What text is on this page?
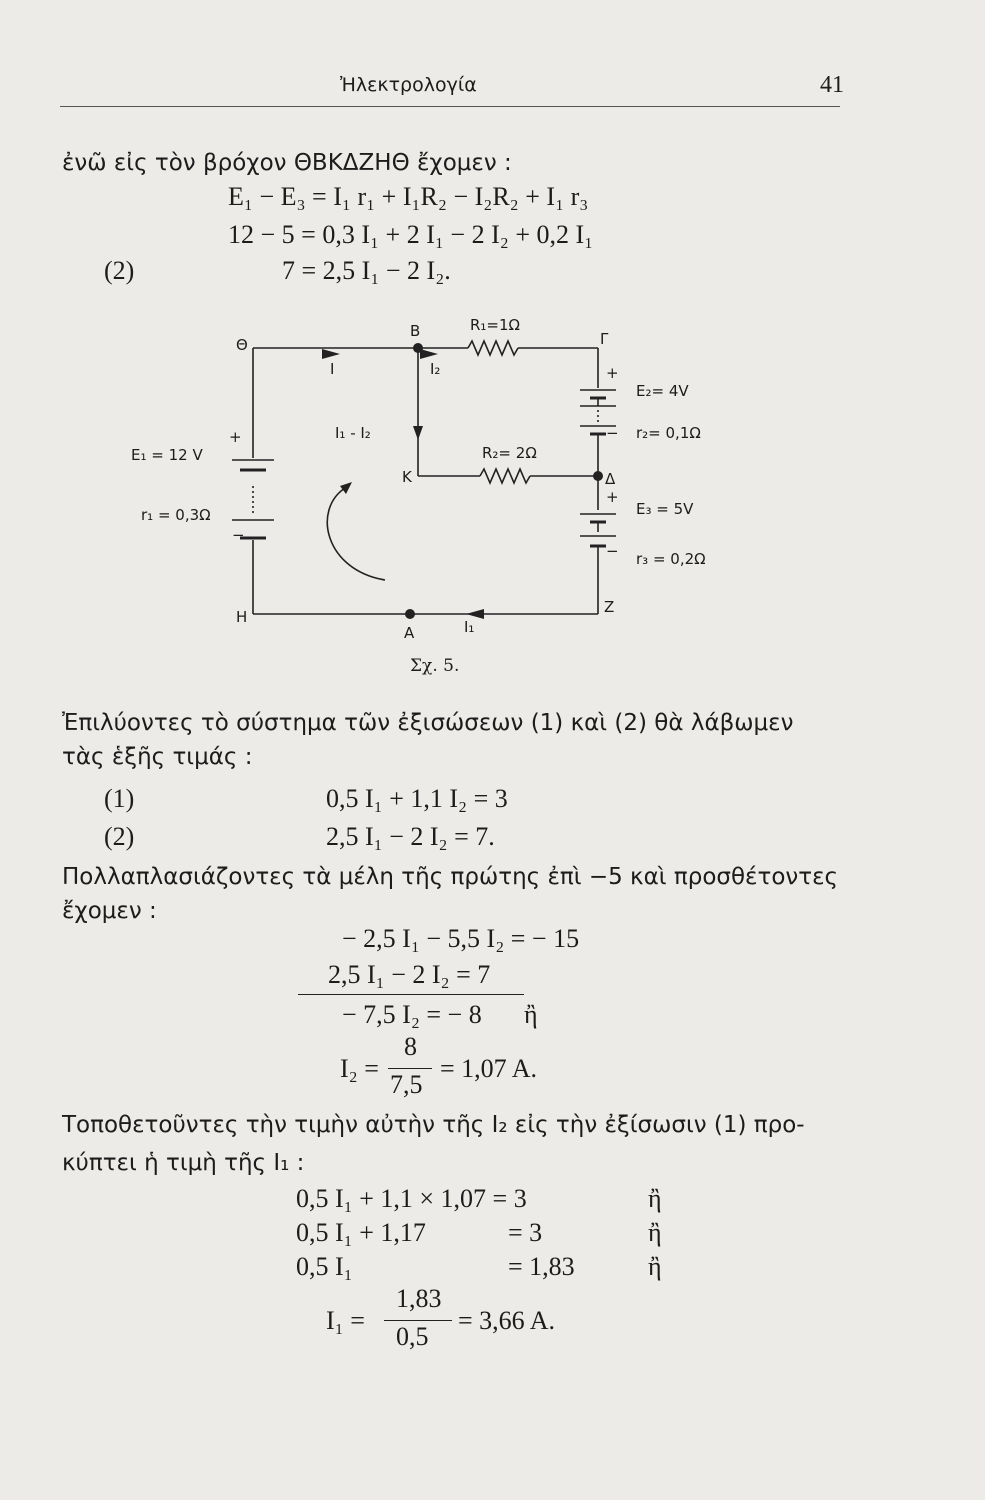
Ἠλεκτρολογία	41
ἐνῶ εἰς τὸν βρόχον ΘΒΚΔΖΗΘ ἔχομεν :
E₁ − E₃ = I₁ r₁ + I₁R₂ − I₂R₂ + I₁ r₃
12 − 5 = 0,3 I₁ + 2 I₁ − 2 I₂ + 0,2 I₁
(2)	7 = 2,5 I₁ − 2 I₂.
Θ
B	Γ
K	Δ
H
A
Z
I	I₂
I₁ - I₂
I₁
R₁=1Ω
R₂= 2Ω
E₁ = 12 V
r₁ = 0,3Ω
+
−
E₂= 4V
r₂= 0,1Ω
+
−
E₃ = 5V
r₃ = 0,2Ω
+
−
Σχ. 5.
Ἐπιλύοντες τὸ σύστημα τῶν ἐξισώσεων (1) καὶ (2) θὰ λάβωμεν
τὰς ἑξῆς τιμάς :
(1)	0,5 I₁ + 1,1 I₂ = 3
(2)	2,5 I₁ − 2 I₂ = 7.
Πολλαπλασιάζοντες τὰ μέλη τῆς πρώτης ἐπὶ −5 καὶ προσθέτοντες
ἔχομεν :
− 2,5 I₁ − 5,5 I₂ = − 15
2,5 I₁ − 2 I₂ = 7
− 7,5 I₂ = − 8 ἢ
I₂ =
8
7,5
= 1,07 A.
Τοποθετοῦντες τὴν τιμὴν αὐτὴν τῆς I₂ εἰς τὴν ἐξίσωσιν (1) προ-
κύπτει ἡ τιμὴ τῆς I₁ :
0,5 I₁ + 1,1 × 1,07 = 3	ἢ
0,5 I₁ + 1,17	= 3	ἢ
0,5 I₁	= 1,83	ἢ
I₁ =
1,83
0,5
= 3,66 A.
